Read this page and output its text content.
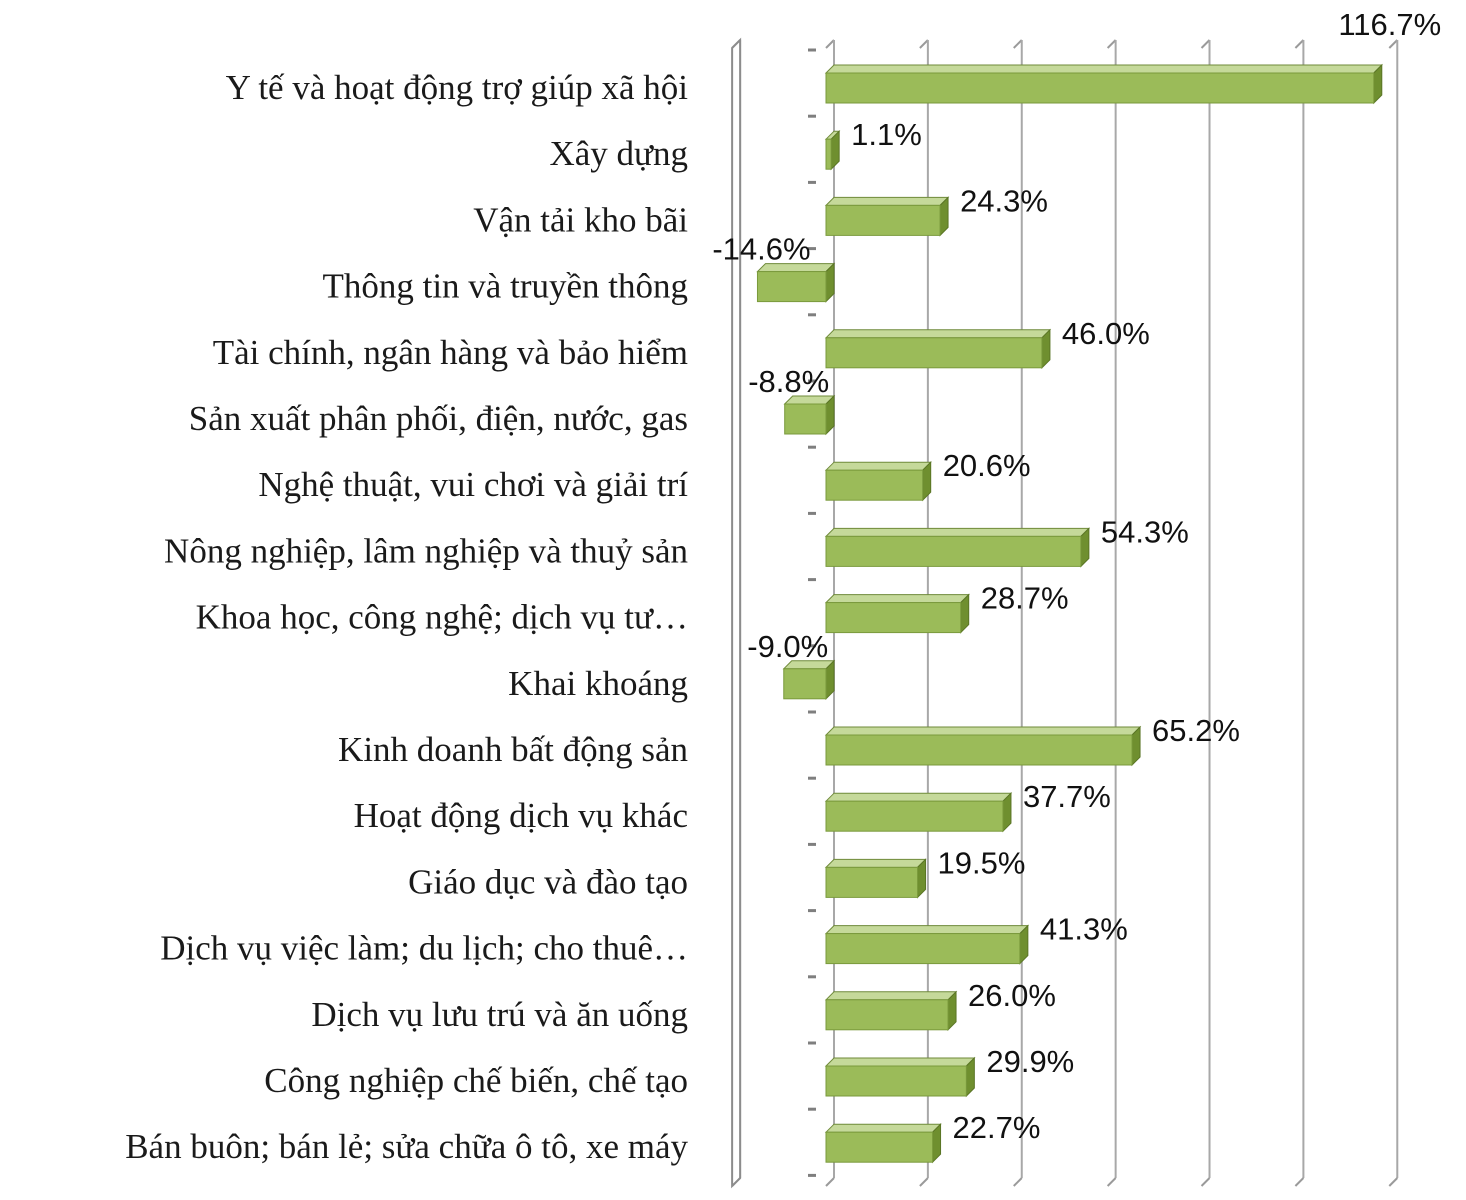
Y tế và hoạt động trợ giúp xã hội
116.7%
Xây dựng	1.1%
Vận tải kho bãi	24.3%
Thông tin và truyền thông
-14.6%
Tài chính, ngân hàng và bảo hiểm	46.0%
Sản xuất phân phối, điện, nước, gas
-8.8%
Nghệ thuật, vui chơi và giải trí	20.6%
Nông nghiệp, lâm nghiệp và thuỷ sản	54.3%
Khoa học, công nghệ; dịch vụ tư…	28.7%
Khai khoáng
-9.0%
Kinh doanh bất động sản	65.2%
Hoạt động dịch vụ khác	37.7%
Giáo dục và đào tạo	19.5%
Dịch vụ việc làm; du lịch; cho thuê…	41.3%
Dịch vụ lưu trú và ăn uống	26.0%
Công nghiệp chế biến, chế tạo	29.9%
Bán buôn; bán lẻ; sửa chữa ô tô, xe máy	22.7%
